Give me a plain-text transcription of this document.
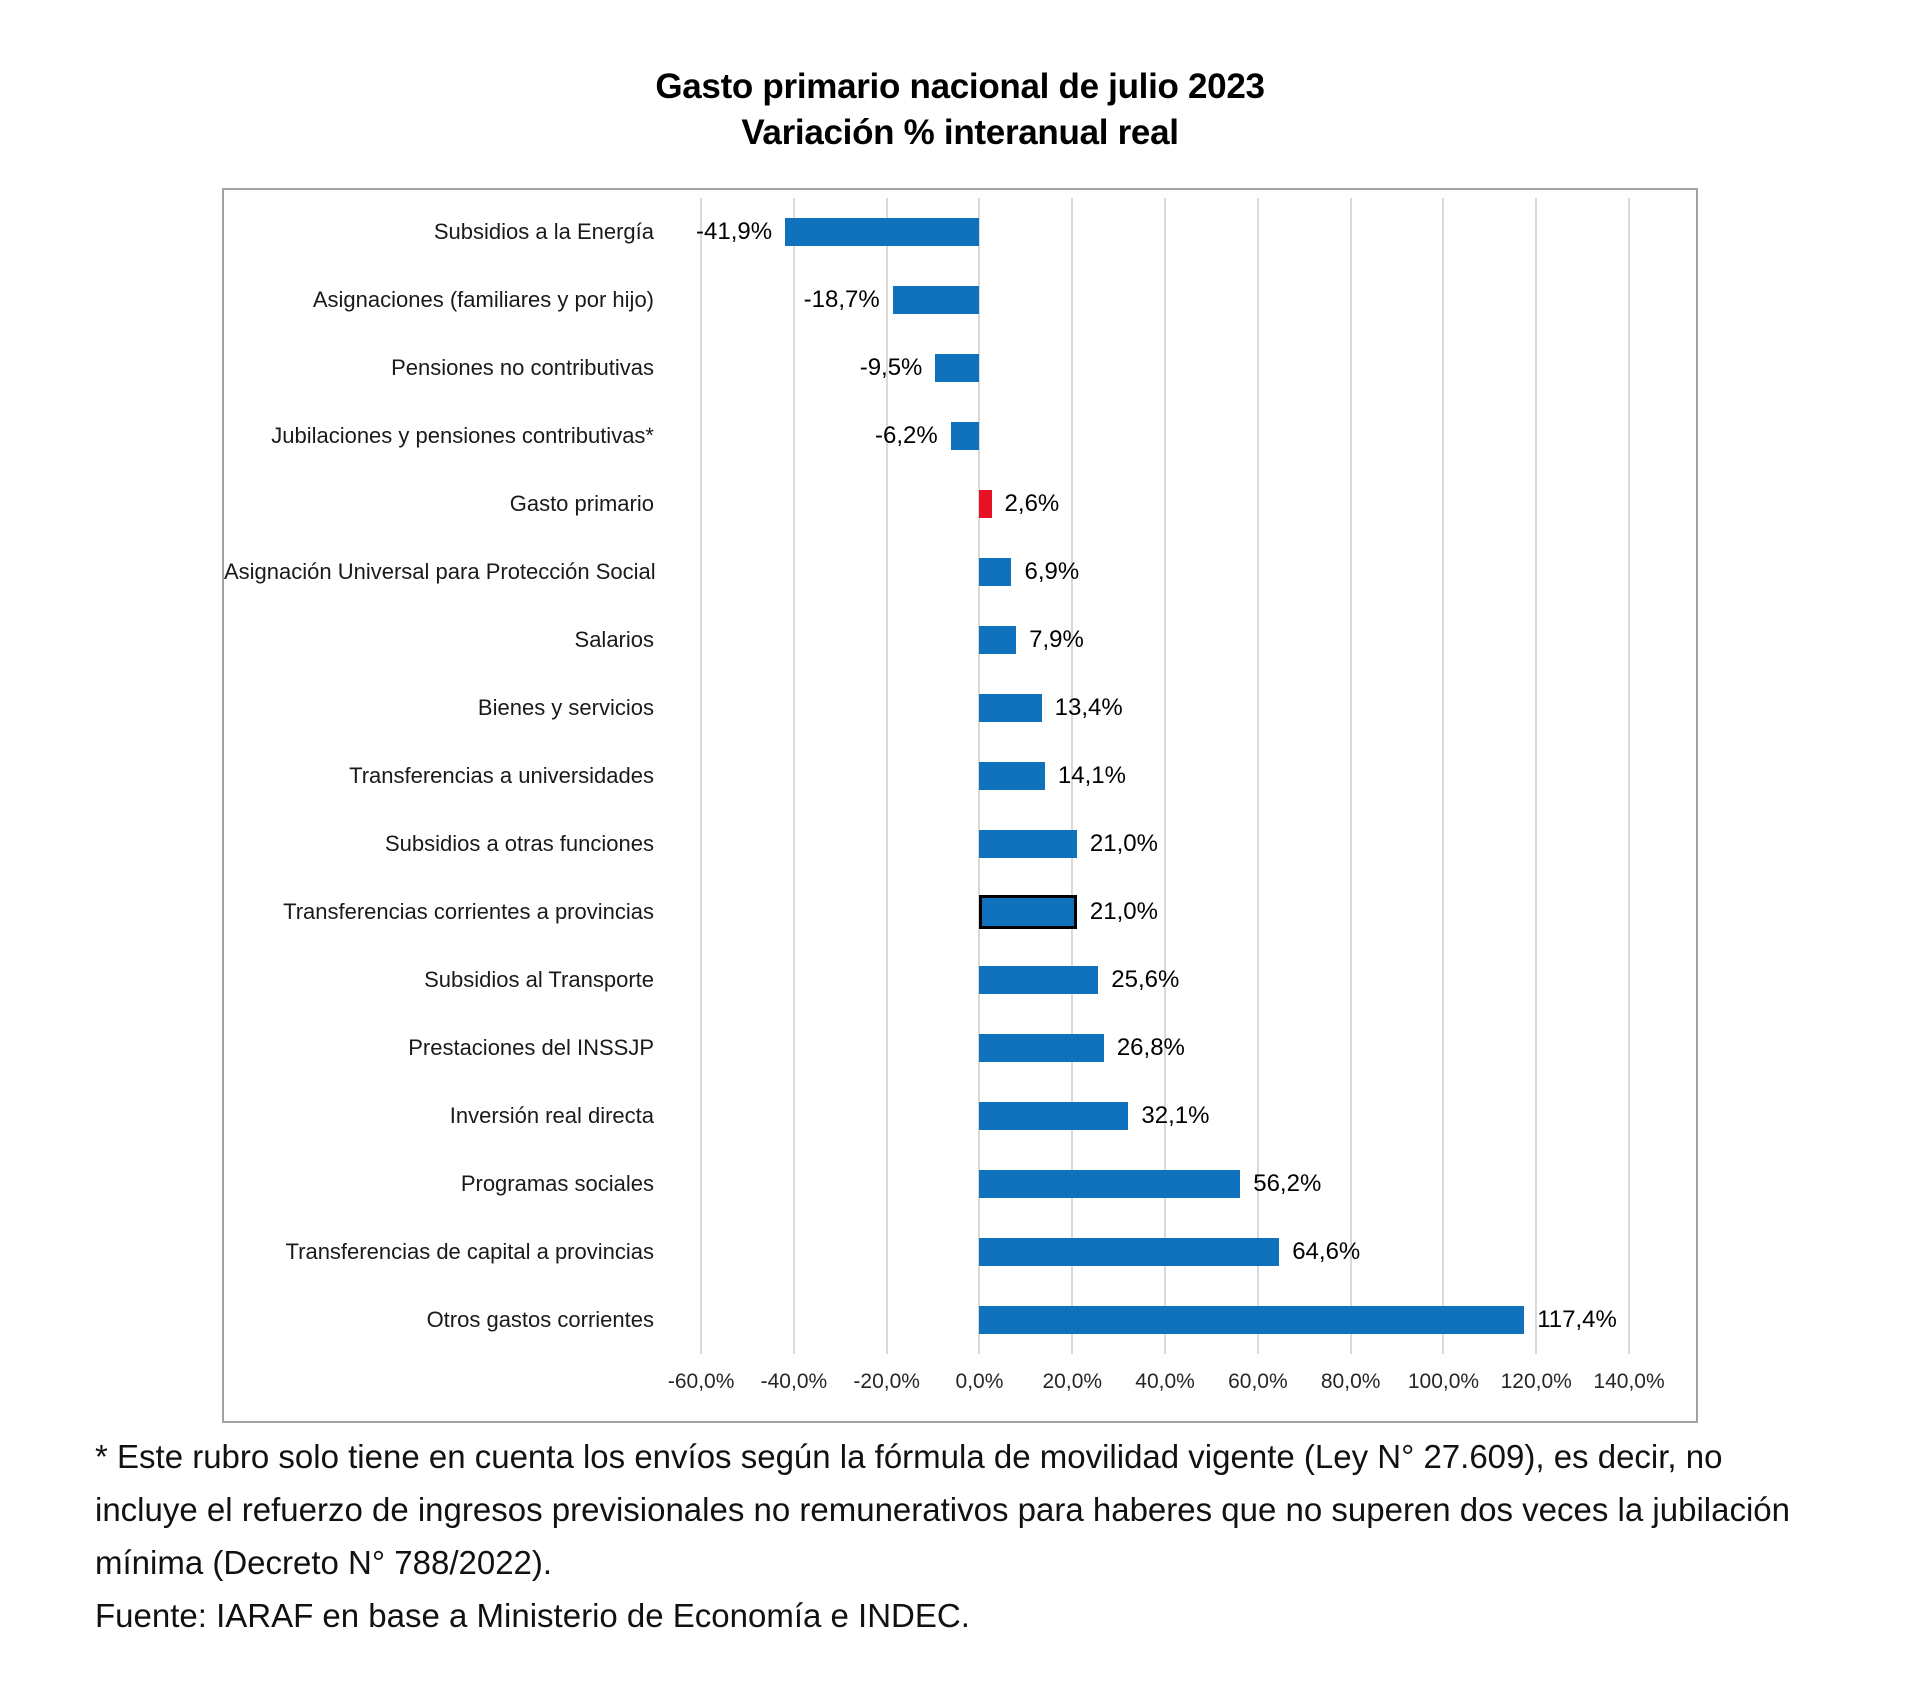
Gasto primario nacional de julio 2023
Variación % interanual real
Subsidios a la Energía -41,9%
Asignaciones (familiares y por hijo)	-18,7%
Pensiones no contributivas	-9,5%
Jubilaciones y pensiones contributivas*	-6,2%
Gasto primario	2,6%
Asignación Universal para Protección Social	6,9%
Salarios	7,9%
Bienes y servicios	13,4%
Transferencias a universidades	14,1%
Subsidios a otras funciones	21,0%
Transferencias corrientes a provincias	21,0%
Subsidios al Transporte	25,6%
Prestaciones del INSSJP	26,8%
Inversión real directa	32,1%
Programas sociales	56,2%
Transferencias de capital a provincias	64,6%
Otros gastos corrientes	117,4%
-60,0% -40,0% -20,0% 0,0% 20,0% 40,0% 60,0% 80,0% 100,0% 120,0% 140,0%
* Este rubro solo tiene en cuenta los envíos según la fórmula de movilidad vigente (Ley N° 27.609), es decir, no
incluye el refuerzo de ingresos previsionales no remunerativos para haberes que no superen dos veces la jubilación
mínima (Decreto N° 788/2022).
Fuente: IARAF en base a Ministerio de Economía e INDEC.
